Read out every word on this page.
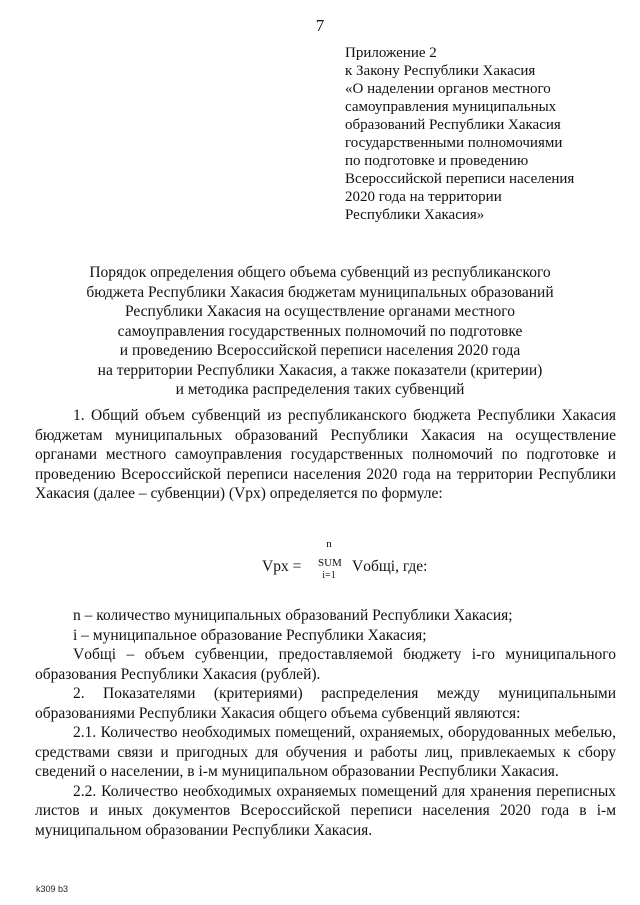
7
Приложение 2
к Закону Республики Хакасия
«О наделении органов местного
самоуправления муниципальных
образований Республики Хакасия
государственными полномочиями
по подготовке и проведению
Всероссийской переписи населения
2020 года на территории
Республики Хакасия»
Порядок определения общего объема субвенций из республиканского
бюджета Республики Хакасия бюджетам муниципальных образований
Республики Хакасия на осуществление органами местного
самоуправления государственных полномочий по подготовке
и проведению Всероссийской переписи населения 2020 года
на территории Республики Хакасия, а также показатели (критерии)
и методика распределения таких субвенций
1. Общий объем субвенций из республиканского бюджета Республики Хакасия бюджетам муниципальных образований Республики Хакасия на осуществление органами местного самоуправления государственных полномочий по подготовке и проведению Всероссийской переписи населения 2020 года на территории Республики Хакасия (далее – субвенции) (Vpх) определяется по формуле:
Vpх =
n
SUM
i=1
Vобщi, где:
n – количество муниципальных образований Республики Хакасия;
i – муниципальное образование Республики Хакасия;
Vобщi – объем субвенции, предоставляемой бюджету i-го муниципального образования Республики Хакасия (рублей).
2. Показателями (критериями) распределения между муниципальными образованиями Республики Хакасия общего объема субвенций являются:
2.1. Количество необходимых помещений, охраняемых, оборудованных мебелью, средствами связи и пригодных для обучения и работы лиц, привлекаемых к сбору сведений о населении, в i-м муниципальном образовании Республики Хакасия.
2.2. Количество необходимых охраняемых помещений для хранения переписных листов и иных документов Всероссийской переписи населения 2020 года в i-м муниципальном образовании Республики Хакасия.
k309 b3
